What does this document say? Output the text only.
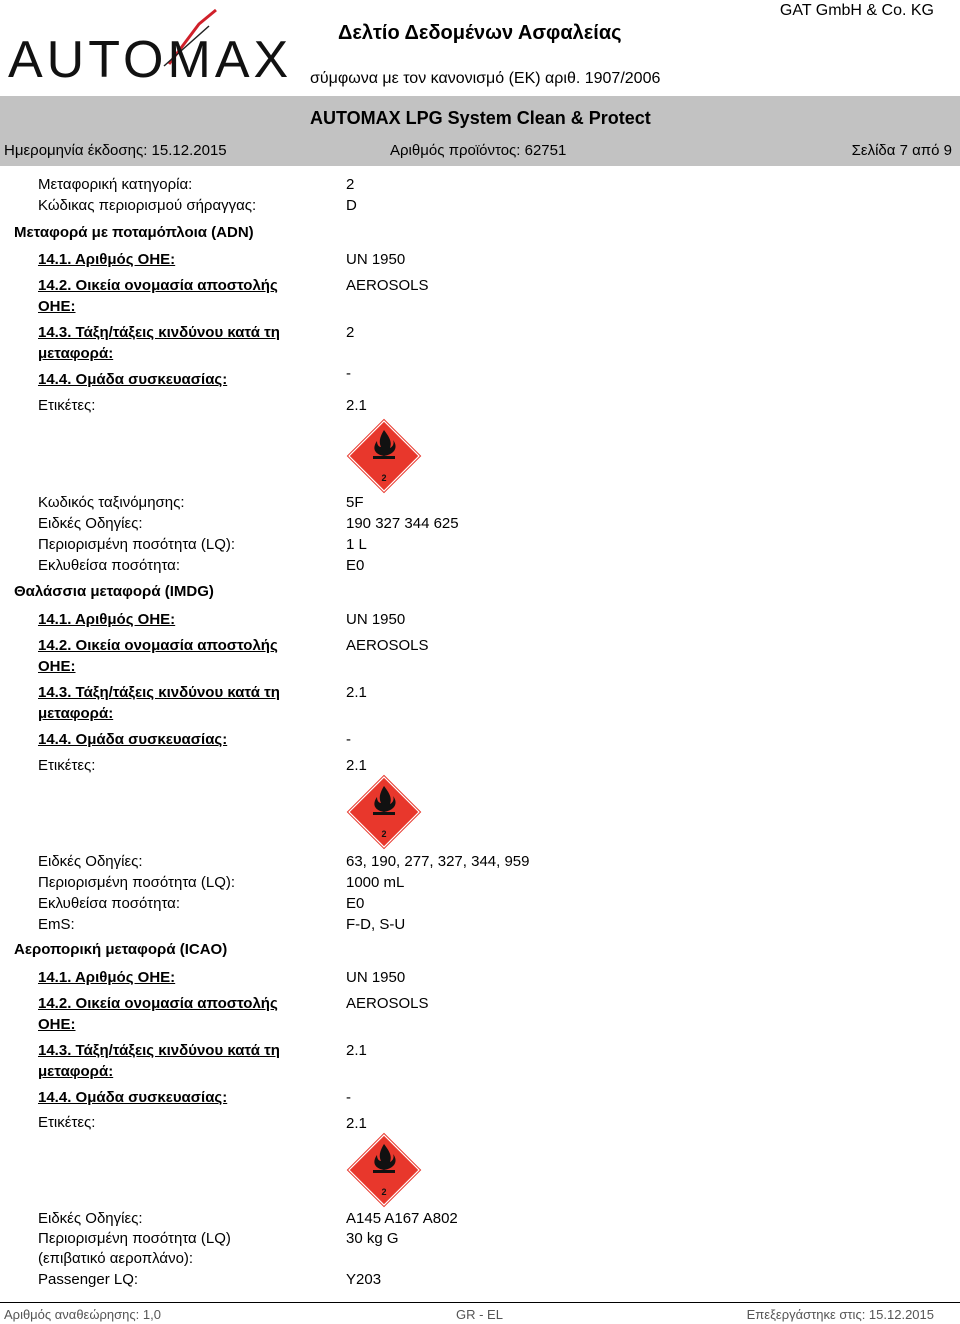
AUTOMAX Δελτίο Δεδομένων Ασφαλείας
GAT GmbH & Co. KG
σύμφωνα με τον κανονισμό (ΕΚ) αριθ. 1907/2006
AUTOMAX LPG System Clean & Protect
Ημερομηνία έκδοσης: 15.12.2015	Αριθμός προϊόντος: 62751	Σελίδα 7 από 9
Μεταφορική κατηγορία:	2
Κώδικας περιορισμού σήραγγας:	D
Μεταφορά με ποταμόπλοια (ADN)
14.1. Αριθμός ΟΗΕ:	UN 1950
14.2. Οικεία ονομασία αποστολής
ΟΗΕ:
AEROSOLS
14.3. Τάξη/τάξεις κινδύνου κατά τη
μεταφορά:
2
14.4. Ομάδα συσκευασίας:	-
Ετικέτες:	2.1
2
Κωδικός ταξινόμησης:	5F
Ειδκές Οδηγίες:	190 327 344 625
Περιορισμένη ποσότητα (LQ):	1 L
Εκλυθείσα ποσότητα:	E0
Θαλάσσια μεταφορά (IMDG)
14.1. Αριθμός ΟΗΕ:	UN 1950
14.2. Οικεία ονομασία αποστολής
ΟΗΕ:
AEROSOLS
14.3. Τάξη/τάξεις κινδύνου κατά τη
μεταφορά:
2.1
14.4. Ομάδα συσκευασίας:	-
Ετικέτες:	2.1
2
Ειδκές Οδηγίες:	63, 190, 277, 327, 344, 959
Περιορισμένη ποσότητα (LQ):	1000 mL
Εκλυθείσα ποσότητα:	E0
EmS:	F-D, S-U
Αεροπορική μεταφορά (ICAO)
14.1. Αριθμός ΟΗΕ:	UN 1950
14.2. Οικεία ονομασία αποστολής
ΟΗΕ:
AEROSOLS
14.3. Τάξη/τάξεις κινδύνου κατά τη
μεταφορά:
2.1
14.4. Ομάδα συσκευασίας:	-
Ετικέτες:	2.1
2
Ειδκές Οδηγίες:	A145 A167 A802
Περιορισμένη ποσότητα (LQ)	30 kg G
(επιβατικό αεροπλάνο):
Passenger LQ:	Y203
Αριθμός αναθεώρησης: 1,0	GR - EL	Επεξεργάστηκε στις: 15.12.2015
